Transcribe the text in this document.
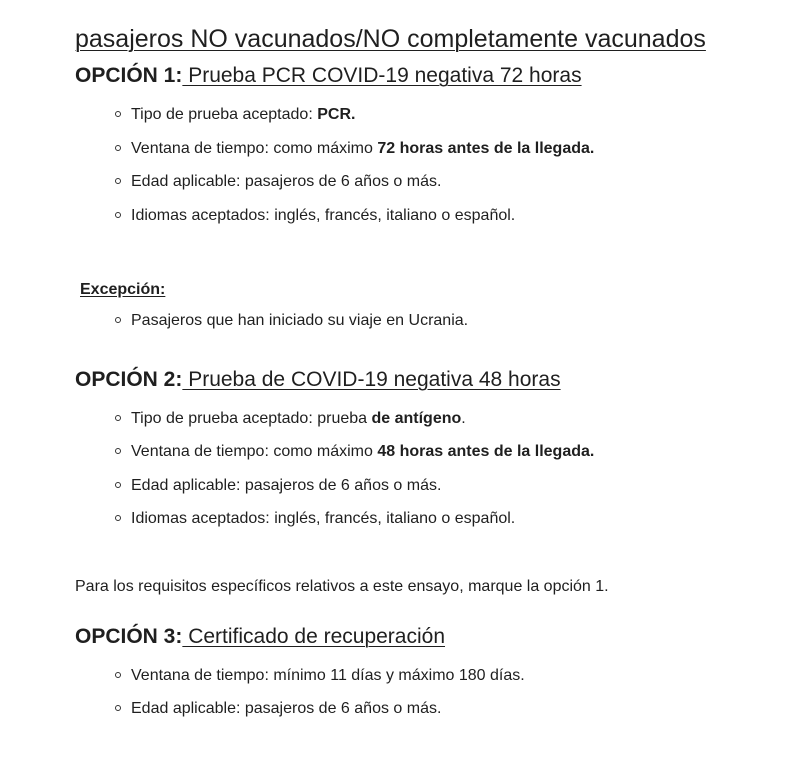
pasajeros NO vacunados/NO completamente vacunados
OPCIÓN 1: Prueba PCR COVID-19 negativa 72 horas
Tipo de prueba aceptado: PCR.
Ventana de tiempo: como máximo 72 horas antes de la llegada.
Edad aplicable: pasajeros de 6 años o más.
Idiomas aceptados: inglés, francés, italiano o español.

Excepción:

Pasajeros que han iniciado su viaje en Ucrania.
OPCIÓN 2: Prueba de COVID-19 negativa 48 horas
Tipo de prueba aceptado: prueba de antígeno.
Ventana de tiempo: como máximo 48 horas antes de la llegada.
Edad aplicable: pasajeros de 6 años o más.
Idiomas aceptados: inglés, francés, italiano o español.

Para los requisitos específicos relativos a este ensayo, marque la opción 1.

OPCIÓN 3: Certificado de recuperación
Ventana de tiempo: mínimo 11 días y máximo 180 días.
Edad aplicable: pasajeros de 6 años o más.
